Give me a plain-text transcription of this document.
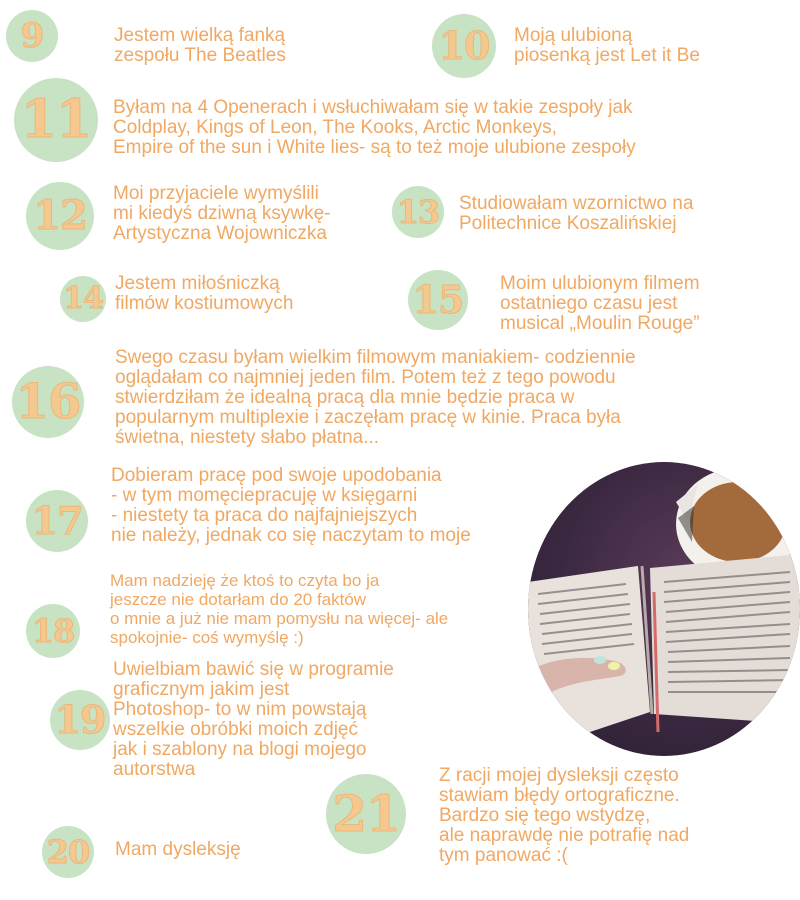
9	Jestem wielką fanką
zespołu The Beatles	10 Moją ulubioną
piosenką jest Let it Be
11 Byłam na 4 Openerach i wsłuchiwałam się w takie zespoły jak
Coldplay, Kings of Leon, The Kooks, Arctic Monkeys,
Empire of the sun i White lies- są to też moje ulubione zespoły
12 Moi przyjaciele wymyślili
mi kiedyś dziwną ksywkę-
Artystyczna Wojowniczka
13 Studiowałam wzornictwo na
Politechnice Koszalińskiej
14 Jestem miłośniczką
filmów kostiumowych	15 Moim ulubionym filmem
ostatniego czasu jest
musical „Moulin Rouge”
16
Swego czasu byłam wielkim filmowym maniakiem- codziennie
oglądałam co najmniej jeden film. Potem też z tego powodu
stwierdziłam że idealną pracą dla mnie będzie praca w
popularnym multiplexie i zaczęłam pracę w kinie. Praca była
świetna, niestety słabo płatna...
17
Dobieram pracę pod swoje upodobania
- w tym momęciepracuję w księgarni
- niestety ta praca do najfajniejszych
nie należy, jednak co się naczytam to moje
18
Mam nadzieję że ktoś to czyta bo ja
jeszcze nie dotarłam do 20 faktów
o mnie a już nie mam pomysłu na więcej- ale
spokojnie- coś wymyślę :)
19
Uwielbiam bawić się w programie
graficznym jakim jest
Photoshop- to w nim powstają
wszelkie obróbki moich zdjęć
jak i szablony na blogi mojego
autorstwa
20 Mam dysleksję
21
Z racji mojej dysleksji często
stawiam błędy ortograficzne.
Bardzo się tego wstydzę,
ale naprawdę nie potrafię nad
tym panować :(
